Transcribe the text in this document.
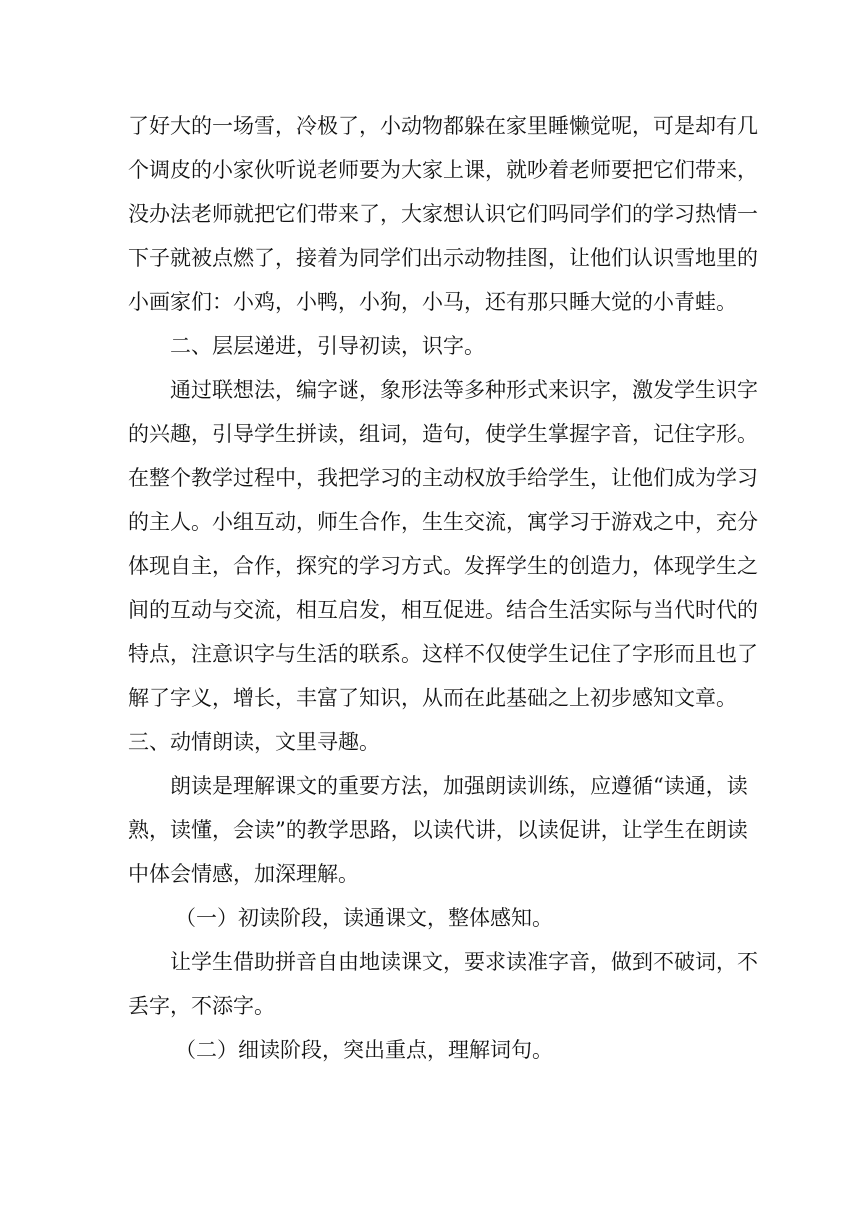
了好大的一场雪，冷极了，小动物都躲在家里睡懒觉呢，可是却有几
个调皮的小家伙听说老师要为大家上课，就吵着老师要把它们带来，
没办法老师就把它们带来了，大家想认识它们吗同学们的学习热情一
下子就被点燃了，接着为同学们出示动物挂图，让他们认识雪地里的
小画家们：小鸡，小鸭，小狗，小马，还有那只睡大觉的小青蛙。
二、层层递进，引导初读，识字。
通过联想法，编字谜，象形法等多种形式来识字，激发学生识字
的兴趣，引导学生拼读，组词，造句，使学生掌握字音，记住字形。
在整个教学过程中，我把学习的主动权放手给学生，让他们成为学习
的主人。小组互动，师生合作，生生交流，寓学习于游戏之中，充分
体现自主，合作，探究的学习方式。发挥学生的创造力，体现学生之
间的互动与交流，相互启发，相互促进。结合生活实际与当代时代的
特点，注意识字与生活的联系。这样不仅使学生记住了字形而且也了
解了字义，增长，丰富了知识，从而在此基础之上初步感知文章。
三、动情朗读，文里寻趣。
朗读是理解课文的重要方法，加强朗读训练，应遵循“读通，读
熟，读懂，会读”的教学思路，以读代讲，以读促讲，让学生在朗读
中体会情感，加深理解。
（一）初读阶段，读通课文，整体感知。
让学生借助拼音自由地读课文，要求读准字音，做到不破词，不
丢字，不添字。
（二）细读阶段，突出重点，理解词句。
